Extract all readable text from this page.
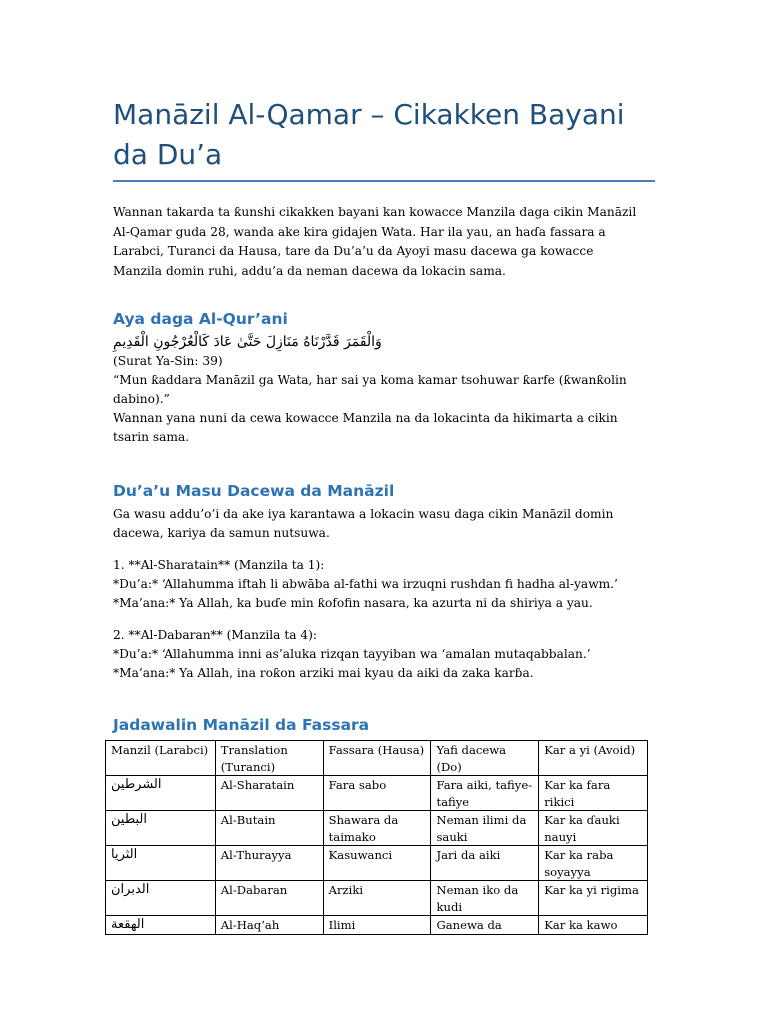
Manāzil Al-Qamar – Cikakken Bayani da Du’a

Wannan takarda ta ƙunshi cikakken bayani kan kowacce Manzila daga cikin Manāzil Al-Qamar guda 28, wanda ake kira gidajen Wata. Har ila yau, an haɗa fassara a Larabci, Turanci da Hausa, tare da Du’a’u da Ayoyi masu dacewa ga kowacce Manzila domin ruhi, addu’a da neman dacewa da lokacin sama.

Aya daga Al-Qur’ani
وَالْقَمَرَ قَدَّرْنَاهُ مَنَازِلَ حَتَّىٰ عَادَ كَالْعُرْجُونِ الْقَدِيمِ

(Surat Ya-Sin: 39)

“Mun ƙaddara Manāzil ga Wata, har sai ya koma kamar tsohuwar ƙarfe (ƙwanƙolin dabino).”

Wannan yana nuni da cewa kowacce Manzila na da lokacinta da hikimarta a cikin tsarin sama.

Du’a’u Masu Dacewa da Manāzil

Ga wasu addu’o’i da ake iya karantawa a lokacin wasu daga cikin Manāzil domin dacewa, kariya da samun nutsuwa.

1. **Al-Sharatain** (Manzila ta 1):

*Du’a:* ‘Allahumma iftah li abwāba al-fathi wa irzuqni rushdan fi hadha al-yawm.’

*Ma’ana:* Ya Allah, ka buɗe min ƙofofin nasara, ka azurta ni da shiriya a yau.

2. **Al-Dabaran** (Manzila ta 4):

*Du’a:* ‘Allahumma inni as’aluka rizqan tayyiban wa ‘amalan mutaqabbalan.’

*Ma’ana:* Ya Allah, ina roƙon arziki mai kyau da aiki da zaka karɓa.

Jadawalin Manāzil da Fassara
Manzil (Larabci)	Translation (Turanci)	Fassara (Hausa)	Yafi dacewa (Do)	Kar a yi (Avoid)
الشرطين	Al-Sharatain	Fara sabo	Fara aiki, tafiye-tafiye	Kar ka fara rikici
البطين	Al-Butain	Shawara da taimako	Neman ilimi da sauki	Kar ka ɗauki nauyi
الثريا	Al-Thurayya	Kasuwanci	Jari da aiki	Kar ka raba soyayya
الدبران	Al-Dabaran	Arziki	Neman iko da kudi	Kar ka yi rigima
الهقعة	Al-Haq’ah	Ilimi	Ganewa da	Kar ka kawo
